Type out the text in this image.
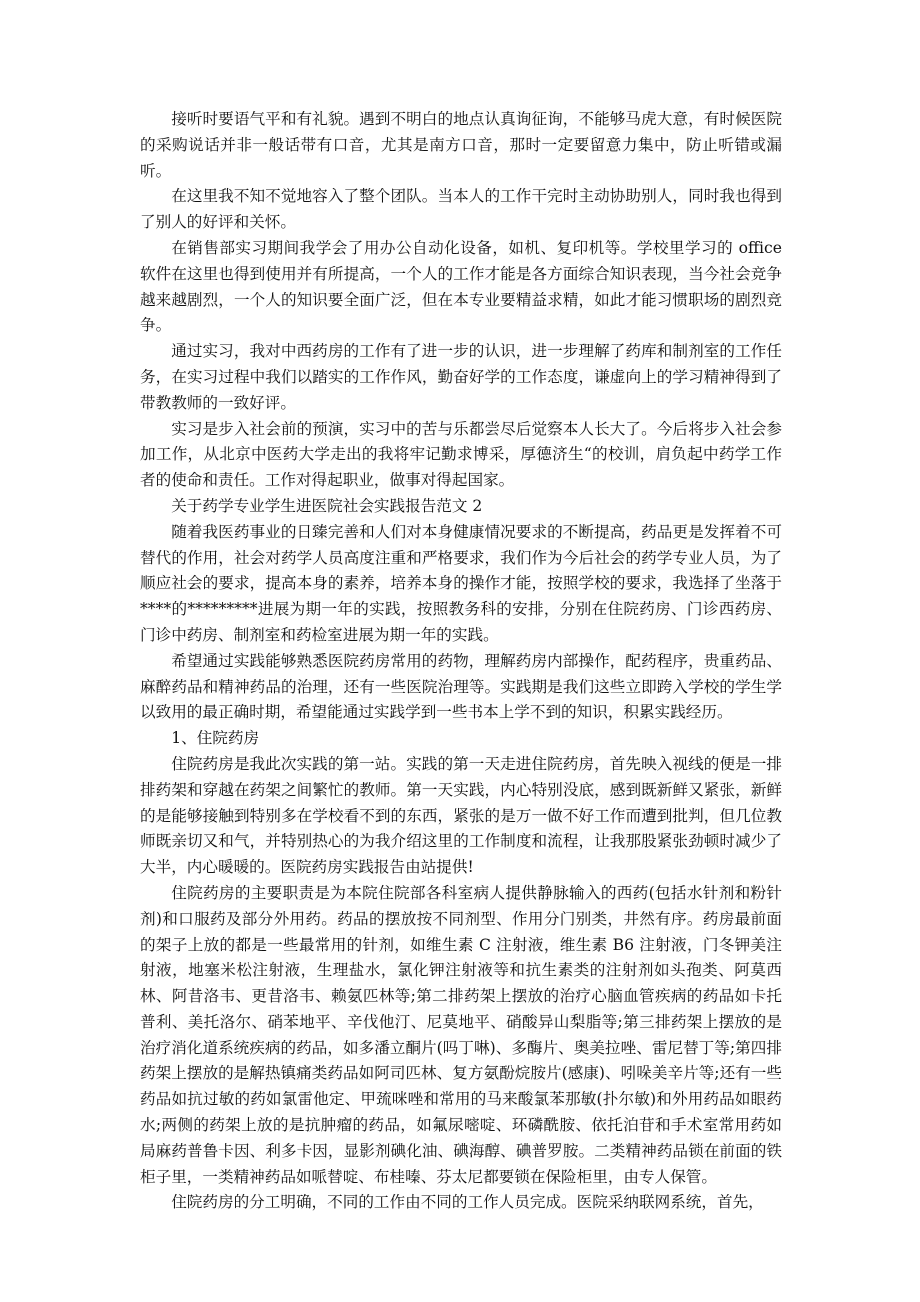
接听时要语气平和有礼貌。遇到不明白的地点认真询征询，不能够马虎大意，有时候医院的采购说话并非一般话带有口音，尤其是南方口音，那时一定要留意力集中，防止听错或漏听。

在这里我不知不觉地容入了整个团队。当本人的工作干完时主动协助别人，同时我也得到了别人的好评和关怀。

在销售部实习期间我学会了用办公自动化设备，如机、复印机等。学校里学习的 office 软件在这里也得到使用并有所提高，一个人的工作才能是各方面综合知识表现，当今社会竞争越来越剧烈，一个人的知识要全面广泛，但在本专业要精益求精，如此才能习惯职场的剧烈竞争。

通过实习，我对中西药房的工作有了进一步的认识，进一步理解了药库和制剂室的工作任务，在实习过程中我们以踏实的工作作风，勤奋好学的工作态度，谦虚向上的学习精神得到了带教教师的一致好评。

实习是步入社会前的预演，实习中的苦与乐都尝尽后觉察本人长大了。今后将步入社会参加工作，从北京中医药大学走出的我将牢记勤求博采，厚德济生“的校训，肩负起中药学工作者的使命和责任。工作对得起职业，做事对得起国家。

关于药学专业学生进医院社会实践报告范文 2

随着我医药事业的日臻完善和人们对本身健康情况要求的不断提高，药品更是发挥着不可替代的作用，社会对药学人员高度注重和严格要求，我们作为今后社会的药学专业人员，为了顺应社会的要求，提高本身的素养，培养本身的操作才能，按照学校的要求，我选择了坐落于****的*********进展为期一年的实践，按照教务科的安排，分别在住院药房、门诊西药房、门诊中药房、制剂室和药检室进展为期一年的实践。

希望通过实践能够熟悉医院药房常用的药物，理解药房内部操作，配药程序，贵重药品、麻醉药品和精神药品的治理，还有一些医院治理等。实践期是我们这些立即跨入学校的学生学以致用的最正确时期，希望能通过实践学到一些书本上学不到的知识，积累实践经历。

1、住院药房

住院药房是我此次实践的第一站。实践的第一天走进住院药房，首先映入视线的便是一排排药架和穿越在药架之间繁忙的教师。第一天实践，内心特别没底，感到既新鲜又紧张，新鲜的是能够接触到特别多在学校看不到的东西，紧张的是万一做不好工作而遭到批判，但几位教师既亲切又和气，并特别热心的为我介绍这里的工作制度和流程，让我那股紧张劲顿时减少了大半，内心暖暖的。医院药房实践报告由站提供!

住院药房的主要职责是为本院住院部各科室病人提供静脉输入的西药(包括水针剂和粉针剂)和口服药及部分外用药。药品的摆放按不同剂型、作用分门别类，井然有序。药房最前面的架子上放的都是一些最常用的针剂，如维生素 C 注射液，维生素 B6 注射液，门冬钾美注射液，地塞米松注射液，生理盐水，氯化钾注射液等和抗生素类的注射剂如头孢类、阿莫西林、阿昔洛韦、更昔洛韦、赖氨匹林等;第二排药架上摆放的治疗心脑血管疾病的药品如卡托普利、美托洛尔、硝苯地平、辛伐他汀、尼莫地平、硝酸异山梨脂等;第三排药架上摆放的是治疗消化道系统疾病的药品，如多潘立酮片(吗丁啉)、多酶片、奥美拉唑、雷尼替丁等;第四排药架上摆放的是解热镇痛类药品如阿司匹林、复方氨酚烷胺片(感康)、吲哚美辛片等;还有一些药品如抗过敏的药如氯雷他定、甲巯咪唑和常用的马来酸氯苯那敏(扑尔敏)和外用药品如眼药水;两侧的药架上放的是抗肿瘤的药品，如氟尿嘧啶、环磷酰胺、依托泊苷和手术室常用药如局麻药普鲁卡因、利多卡因，显影剂碘化油、碘海醇、碘普罗胺。二类精神药品锁在前面的铁柜子里，一类精神药品如哌替啶、布桂嗪、芬太尼都要锁在保险柜里，由专人保管。

住院药房的分工明确，不同的工作由不同的工作人员完成。医院采纳联网系统，首先，
